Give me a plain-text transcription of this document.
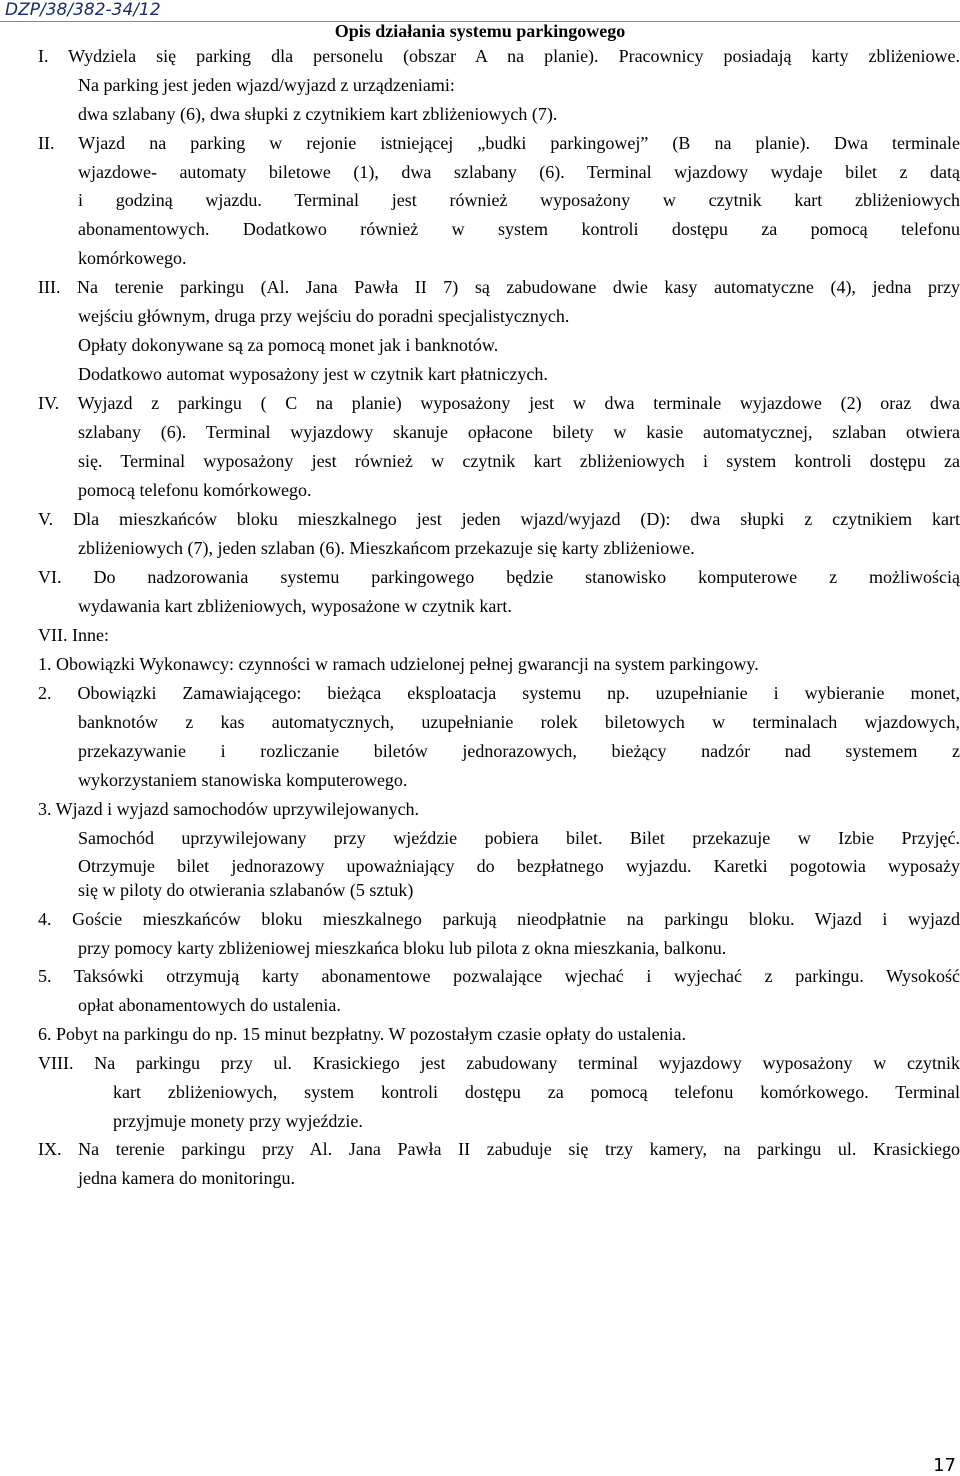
DZP/38/382-34/12
Opis działania systemu parkingowego
I. Wydziela się parking dla personelu (obszar A na planie). Pracownicy posiadają karty zbliżeniowe.
Na parking jest jeden wjazd/wyjazd z urządzeniami:
dwa szlabany (6), dwa słupki z czytnikiem kart zbliżeniowych (7).
II. Wjazd na parking w rejonie istniejącej „budki parkingowej” (B na planie). Dwa terminale
wjazdowe- automaty biletowe (1), dwa szlabany (6). Terminal wjazdowy wydaje bilet z datą
i godziną wjazdu. Terminal jest również wyposażony w czytnik kart zbliżeniowych
abonamentowych. Dodatkowo również w system kontroli dostępu za pomocą telefonu
komórkowego.
III. Na terenie parkingu (Al. Jana Pawła II 7) są zabudowane dwie kasy automatyczne (4), jedna przy
wejściu głównym, druga przy wejściu do poradni specjalistycznych.
Opłaty dokonywane są za pomocą monet jak i banknotów.
Dodatkowo automat wyposażony jest w czytnik kart płatniczych.
IV. Wyjazd z parkingu ( C na planie) wyposażony jest w dwa terminale wyjazdowe (2) oraz dwa
szlabany (6). Terminal wyjazdowy skanuje opłacone bilety w kasie automatycznej, szlaban otwiera
się. Terminal wyposażony jest również w czytnik kart zbliżeniowych i system kontroli dostępu za
pomocą telefonu komórkowego.
V. Dla mieszkańców bloku mieszkalnego jest jeden wjazd/wyjazd (D): dwa słupki z czytnikiem kart
zbliżeniowych (7), jeden szlaban (6). Mieszkańcom przekazuje się karty zbliżeniowe.
VI. Do nadzorowania systemu parkingowego będzie stanowisko komputerowe z możliwością
wydawania kart zbliżeniowych, wyposażone w czytnik kart.
VII. Inne:
1. Obowiązki Wykonawcy: czynności w ramach udzielonej pełnej gwarancji na system parkingowy.
2. Obowiązki Zamawiającego: bieżąca eksploatacja systemu np. uzupełnianie i wybieranie monet,
banknotów z kas automatycznych, uzupełnianie rolek biletowych w terminalach wjazdowych,
przekazywanie i rozliczanie biletów jednorazowych, bieżący nadzór nad systemem z
wykorzystaniem stanowiska komputerowego.
3. Wjazd i wyjazd samochodów uprzywilejowanych.
Samochód uprzywilejowany przy wjeździe pobiera bilet. Bilet przekazuje w Izbie Przyjęć.
Otrzymuje bilet jednorazowy upoważniający do bezpłatnego wyjazdu. Karetki pogotowia wyposaży
się w piloty do otwierania szlabanów (5 sztuk)
4. Goście mieszkańców bloku mieszkalnego parkują nieodpłatnie na parkingu bloku. Wjazd i wyjazd
przy pomocy karty zbliżeniowej mieszkańca bloku lub pilota z okna mieszkania, balkonu.
5. Taksówki otrzymują karty abonamentowe pozwalające wjechać i wyjechać z parkingu. Wysokość
opłat abonamentowych do ustalenia.
6. Pobyt na parkingu do np. 15 minut bezpłatny. W pozostałym czasie opłaty do ustalenia.
VIII. Na parkingu przy ul. Krasickiego jest zabudowany terminal wyjazdowy wyposażony w czytnik
kart zbliżeniowych, system kontroli dostępu za pomocą telefonu komórkowego. Terminal
przyjmuje monety przy wyjeździe.
IX. Na terenie parkingu przy Al. Jana Pawła II zabuduje się trzy kamery, na parkingu ul. Krasickiego
jedna kamera do monitoringu.
17
